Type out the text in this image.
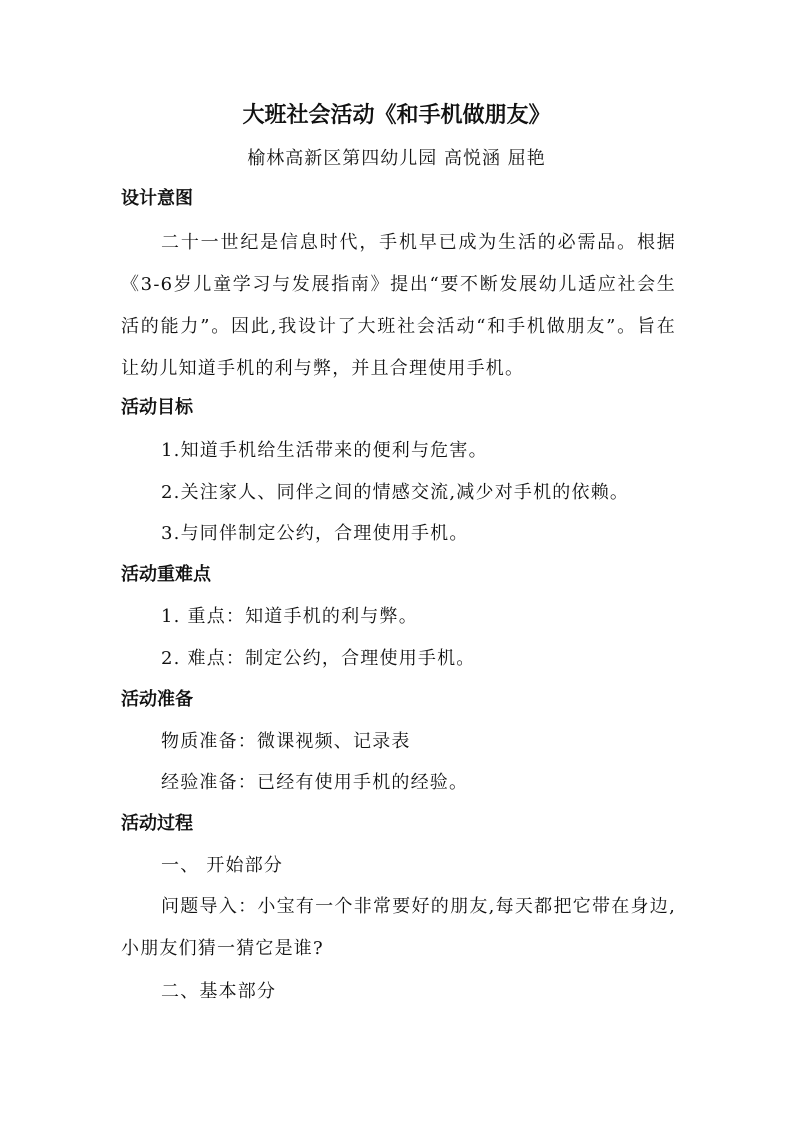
大班社会活动《和手机做朋友》
榆林高新区第四幼儿园 高悦涵 屈艳
设计意图
二十一世纪是信息时代，手机早已成为生活的必需品。根据《3-6岁儿童学习与发展指南》提出“要不断发展幼儿适应社会生活的能力”。因此,我设计了大班社会活动“和手机做朋友”。旨在让幼儿知道手机的利与弊，并且合理使用手机。
活动目标
1.知道手机给生活带来的便利与危害。
2.关注家人、同伴之间的情感交流,减少对手机的依赖。
3.与同伴制定公约，合理使用手机。
活动重难点
1. 重点：知道手机的利与弊。
2. 难点：制定公约，合理使用手机。
活动准备
物质准备：微课视频、记录表
经验准备：已经有使用手机的经验。
活动过程
一、 开始部分
问题导入：小宝有一个非常要好的朋友,每天都把它带在身边,小朋友们猜一猜它是谁?
二、基本部分
